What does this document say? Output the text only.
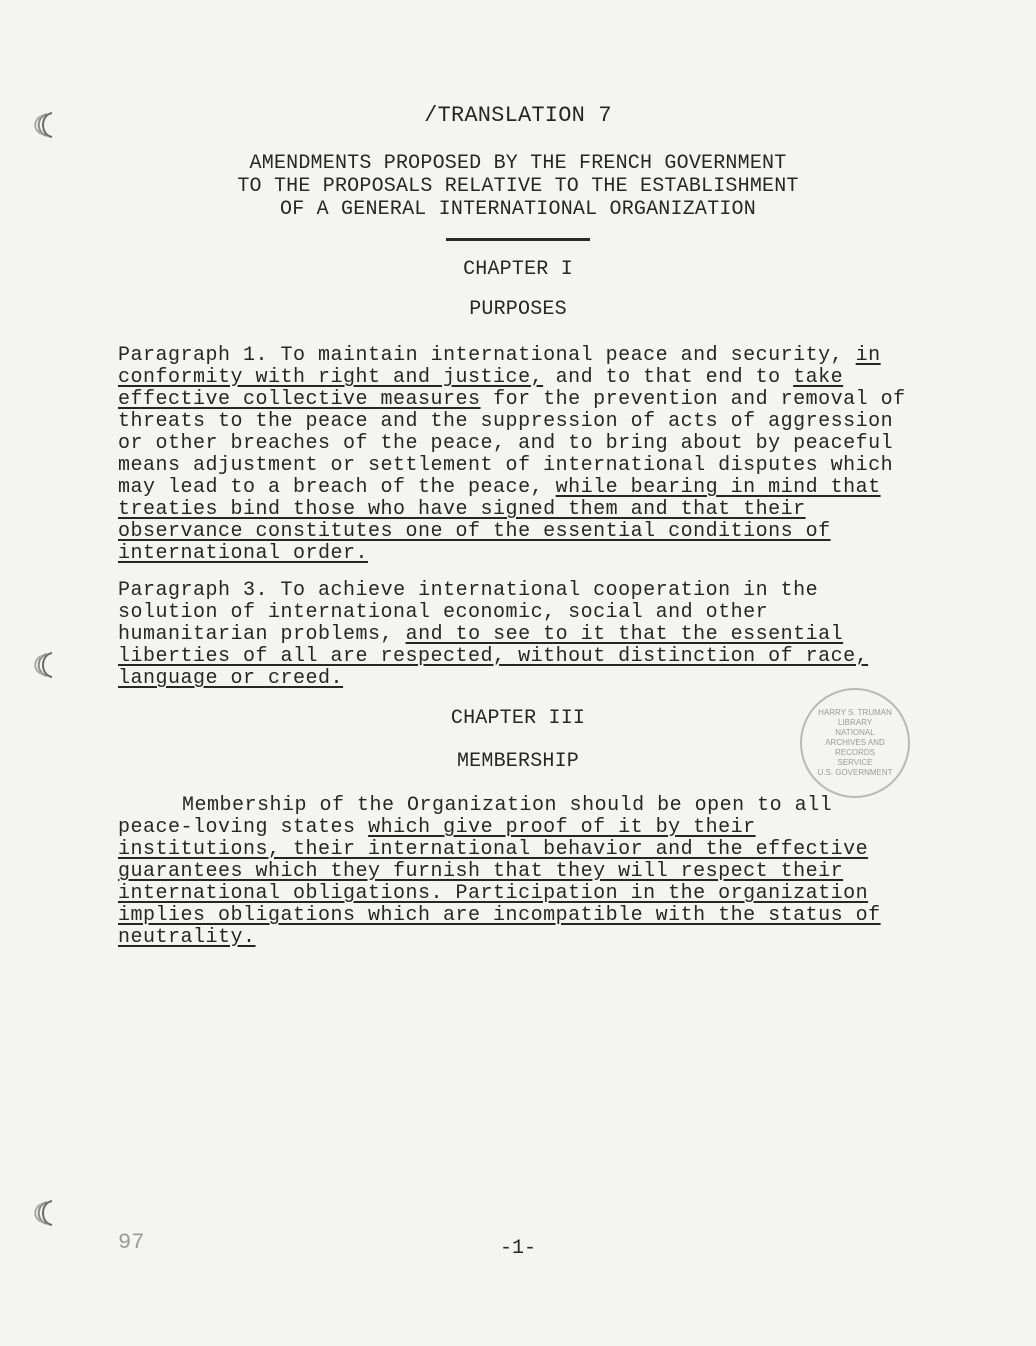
/TRANSLATION 7
AMENDMENTS PROPOSED BY THE FRENCH GOVERNMENT
TO THE PROPOSALS RELATIVE TO THE ESTABLISHMENT
OF A GENERAL INTERNATIONAL ORGANIZATION
CHAPTER I
PURPOSES

Paragraph 1. To maintain international peace and security, in conformity with right and justice, and to that end to take effective collective measures for the prevention and removal of threats to the peace and the suppression of acts of aggression or other breaches of the peace, and to bring about by peaceful means adjustment or settlement of international disputes which may lead to a breach of the peace, while bearing in mind that treaties bind those who have signed them and that their observance constitutes one of the essential conditions of international order.

Paragraph 3. To achieve international cooperation in the solution of international economic, social and other humanitarian problems, and to see to it that the essential liberties of all are respected, without distinction of race, language or creed.

CHAPTER III
MEMBERSHIP

Membership of the Organization should be open to all peace-loving states which give proof of it by their institutions, their international behavior and the effective guarantees which they furnish that they will respect their international obligations. Participation in the organization implies obligations which are incompatible with the status of neutrality.

HARRY S. TRUMAN LIBRARY
NATIONAL
ARCHIVES AND
RECORDS
SERVICE
U.S. GOVERNMENT
97	-1-
